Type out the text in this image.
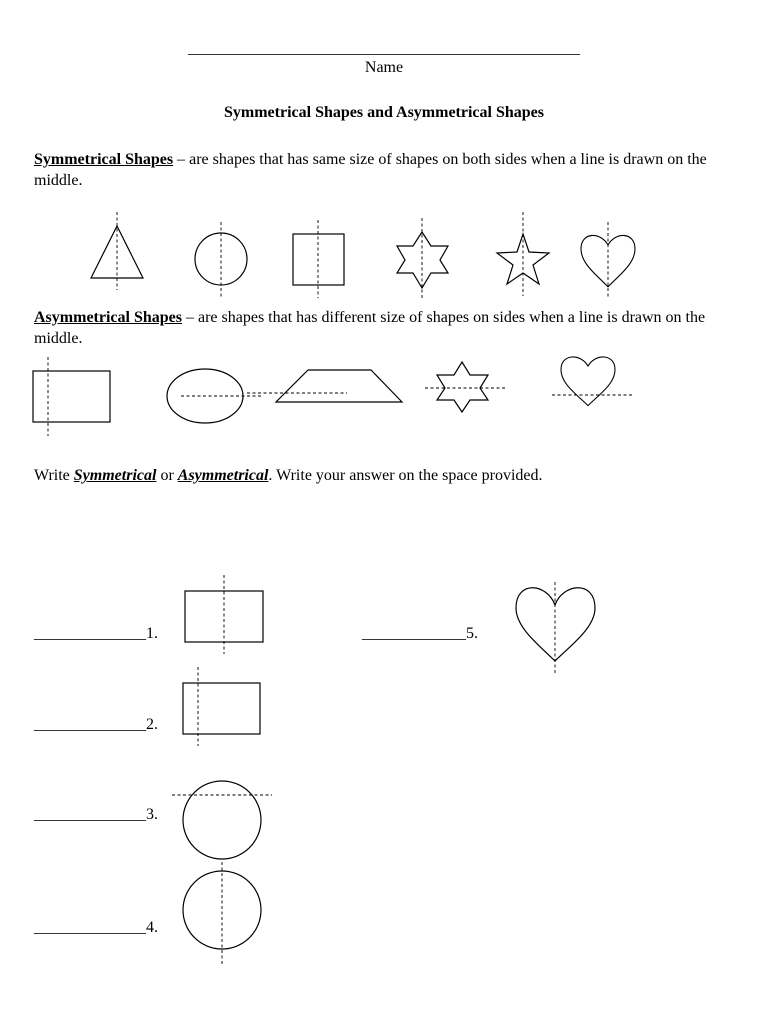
_________________________________________________
Name
Symmetrical Shapes and Asymmetrical Shapes
Symmetrical Shapes – are shapes that has same size of shapes on both sides when a line is drawn on the middle.
Asymmetrical Shapes – are shapes that has different size of shapes on sides when a line is drawn on the middle.
Write Symmetrical or Asymmetrical. Write your answer on the space provided.
______________1.
______________2.
______________3.
______________4.
_____________5.
